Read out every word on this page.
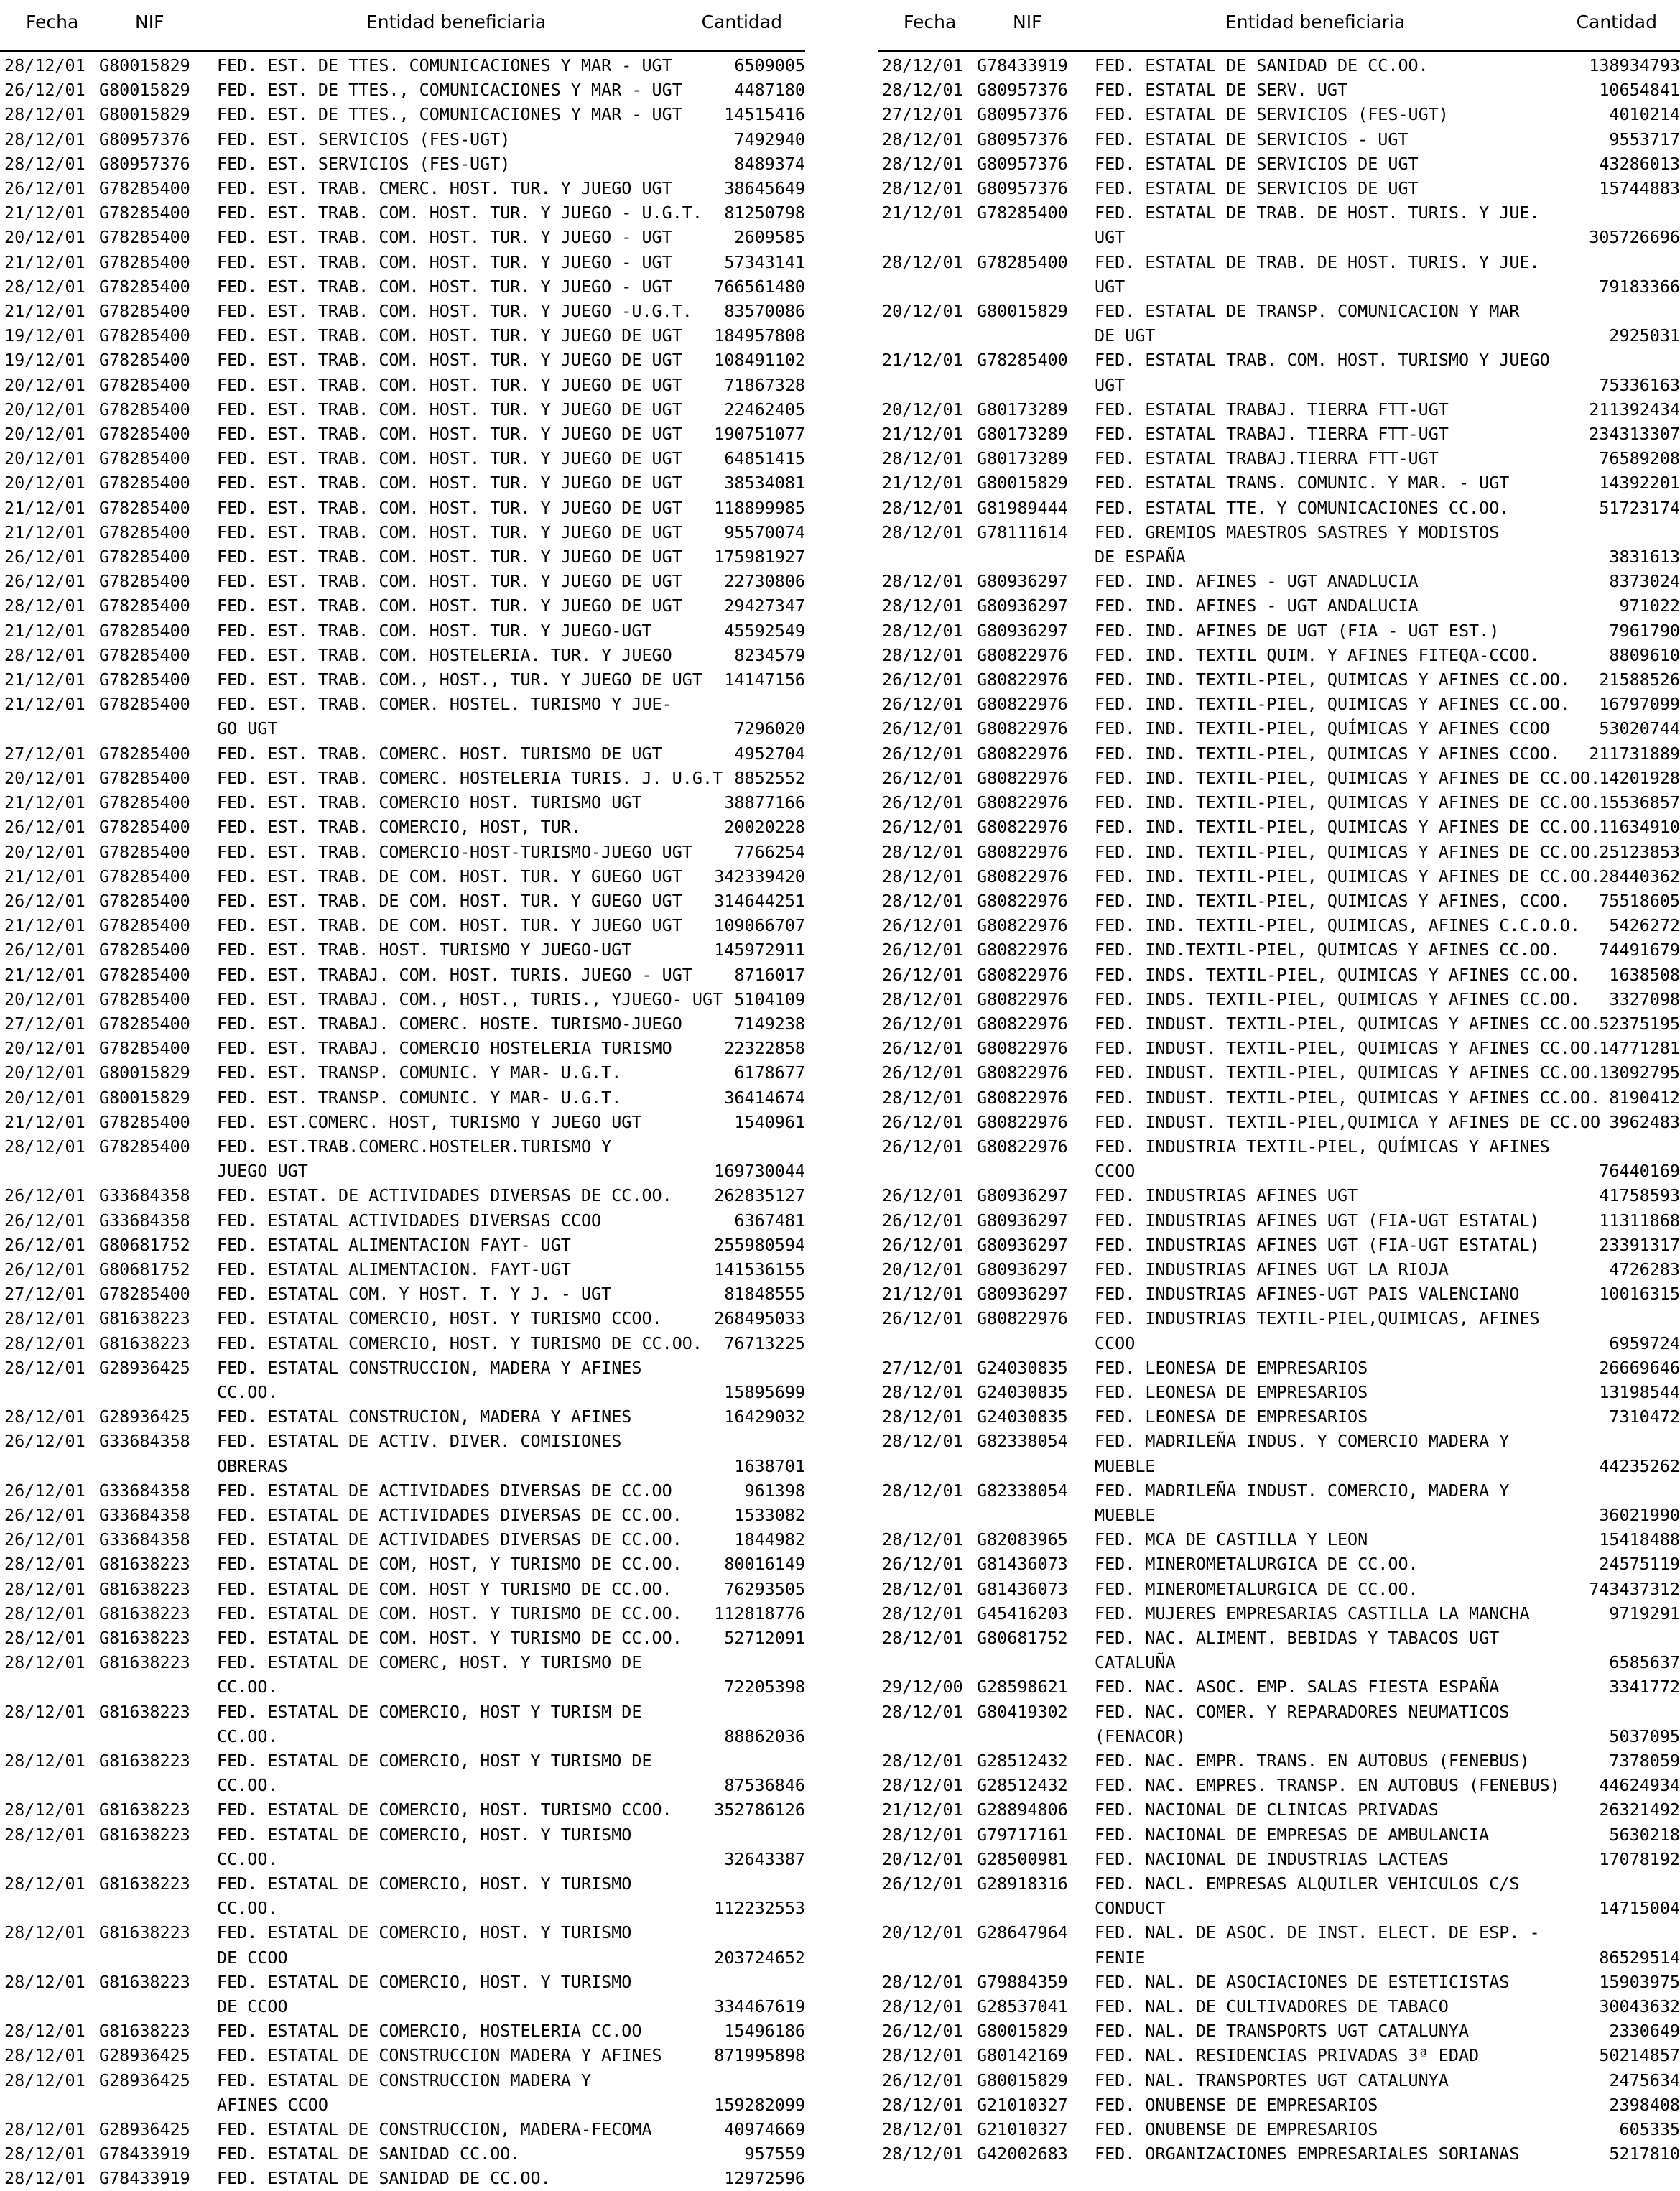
Fecha	NIF	Entidad beneficiaria	Cantidad
28/12/01 G80015829 FED. EST. DE TTES. COMUNICACIONES Y MAR - UGT	6509005
26/12/01 G80015829 FED. EST. DE TTES., COMUNICACIONES Y MAR - UGT	4487180
28/12/01 G80015829 FED. EST. DE TTES., COMUNICACIONES Y MAR - UGT	14515416
28/12/01 G80957376 FED. EST. SERVICIOS (FES-UGT)	7492940
28/12/01 G80957376 FED. EST. SERVICIOS (FES-UGT)	8489374
26/12/01 G78285400 FED. EST. TRAB. CMERC. HOST. TUR. Y JUEGO UGT	38645649
21/12/01 G78285400 FED. EST. TRAB. COM. HOST. TUR. Y JUEGO - U.G.T.	81250798
20/12/01 G78285400 FED. EST. TRAB. COM. HOST. TUR. Y JUEGO - UGT	2609585
21/12/01 G78285400 FED. EST. TRAB. COM. HOST. TUR. Y JUEGO - UGT	57343141
28/12/01 G78285400 FED. EST. TRAB. COM. HOST. TUR. Y JUEGO - UGT	766561480
21/12/01 G78285400 FED. EST. TRAB. COM. HOST. TUR. Y JUEGO -U.G.T.	83570086
19/12/01 G78285400 FED. EST. TRAB. COM. HOST. TUR. Y JUEGO DE UGT	184957808
19/12/01 G78285400 FED. EST. TRAB. COM. HOST. TUR. Y JUEGO DE UGT	108491102
20/12/01 G78285400 FED. EST. TRAB. COM. HOST. TUR. Y JUEGO DE UGT	71867328
20/12/01 G78285400 FED. EST. TRAB. COM. HOST. TUR. Y JUEGO DE UGT	22462405
20/12/01 G78285400 FED. EST. TRAB. COM. HOST. TUR. Y JUEGO DE UGT	190751077
20/12/01 G78285400 FED. EST. TRAB. COM. HOST. TUR. Y JUEGO DE UGT	64851415
20/12/01 G78285400 FED. EST. TRAB. COM. HOST. TUR. Y JUEGO DE UGT	38534081
21/12/01 G78285400 FED. EST. TRAB. COM. HOST. TUR. Y JUEGO DE UGT	118899985
21/12/01 G78285400 FED. EST. TRAB. COM. HOST. TUR. Y JUEGO DE UGT	95570074
26/12/01 G78285400 FED. EST. TRAB. COM. HOST. TUR. Y JUEGO DE UGT	175981927
26/12/01 G78285400 FED. EST. TRAB. COM. HOST. TUR. Y JUEGO DE UGT	22730806
28/12/01 G78285400 FED. EST. TRAB. COM. HOST. TUR. Y JUEGO DE UGT	29427347
21/12/01 G78285400 FED. EST. TRAB. COM. HOST. TUR. Y JUEGO-UGT	45592549
28/12/01 G78285400 FED. EST. TRAB. COM. HOSTELERIA. TUR. Y JUEGO	8234579
21/12/01 G78285400 FED. EST. TRAB. COM., HOST., TUR. Y JUEGO DE UGT	14147156
21/12/01 G78285400 FED. EST. TRAB. COMER. HOSTEL. TURISMO Y JUE-
GO UGT	7296020
27/12/01 G78285400 FED. EST. TRAB. COMERC. HOST. TURISMO DE UGT	4952704
20/12/01 G78285400 FED. EST. TRAB. COMERC. HOSTELERIA TURIS. J. U.G.T 8852552
21/12/01 G78285400 FED. EST. TRAB. COMERCIO HOST. TURISMO UGT	38877166
26/12/01 G78285400 FED. EST. TRAB. COMERCIO, HOST, TUR.	20020228
20/12/01 G78285400 FED. EST. TRAB. COMERCIO-HOST-TURISMO-JUEGO UGT	7766254
21/12/01 G78285400 FED. EST. TRAB. DE COM. HOST. TUR. Y GUEGO UGT	342339420
26/12/01 G78285400 FED. EST. TRAB. DE COM. HOST. TUR. Y GUEGO UGT	314644251
21/12/01 G78285400 FED. EST. TRAB. DE COM. HOST. TUR. Y JUEGO UGT	109066707
26/12/01 G78285400 FED. EST. TRAB. HOST. TURISMO Y JUEGO-UGT	145972911
21/12/01 G78285400 FED. EST. TRABAJ. COM. HOST. TURIS. JUEGO - UGT	8716017
20/12/01 G78285400 FED. EST. TRABAJ. COM., HOST., TURIS., YJUEGO- UGT 5104109
27/12/01 G78285400 FED. EST. TRABAJ. COMERC. HOSTE. TURISMO-JUEGO	7149238
20/12/01 G78285400 FED. EST. TRABAJ. COMERCIO HOSTELERIA TURISMO	22322858
20/12/01 G80015829 FED. EST. TRANSP. COMUNIC. Y MAR- U.G.T.	6178677
20/12/01 G80015829 FED. EST. TRANSP. COMUNIC. Y MAR- U.G.T.	36414674
21/12/01 G78285400 FED. EST.COMERC. HOST, TURISMO Y JUEGO UGT	1540961
28/12/01 G78285400 FED. EST.TRAB.COMERC.HOSTELER.TURISMO Y
JUEGO UGT	169730044
26/12/01 G33684358 FED. ESTAT. DE ACTIVIDADES DIVERSAS DE CC.OO.	262835127
26/12/01 G33684358 FED. ESTATAL ACTIVIDADES DIVERSAS CCOO	6367481
26/12/01 G80681752 FED. ESTATAL ALIMENTACION FAYT- UGT	255980594
26/12/01 G80681752 FED. ESTATAL ALIMENTACION. FAYT-UGT	141536155
27/12/01 G78285400 FED. ESTATAL COM. Y HOST. T. Y J. - UGT	81848555
28/12/01 G81638223 FED. ESTATAL COMERCIO, HOST. Y TURISMO CCOO.	268495033
28/12/01 G81638223 FED. ESTATAL COMERCIO, HOST. Y TURISMO DE CC.OO.	76713225
28/12/01 G28936425 FED. ESTATAL CONSTRUCCION, MADERA Y AFINES
CC.OO.	15895699
28/12/01 G28936425 FED. ESTATAL CONSTRUCION, MADERA Y AFINES	16429032
26/12/01 G33684358 FED. ESTATAL DE ACTIV. DIVER. COMISIONES
OBRERAS	1638701
26/12/01 G33684358 FED. ESTATAL DE ACTIVIDADES DIVERSAS DE CC.OO	961398
26/12/01 G33684358 FED. ESTATAL DE ACTIVIDADES DIVERSAS DE CC.OO.	1533082
26/12/01 G33684358 FED. ESTATAL DE ACTIVIDADES DIVERSAS DE CC.OO.	1844982
28/12/01 G81638223 FED. ESTATAL DE COM, HOST, Y TURISMO DE CC.OO.	80016149
28/12/01 G81638223 FED. ESTATAL DE COM. HOST Y TURISMO DE CC.OO.	76293505
28/12/01 G81638223 FED. ESTATAL DE COM. HOST. Y TURISMO DE CC.OO.	112818776
28/12/01 G81638223 FED. ESTATAL DE COM. HOST. Y TURISMO DE CC.OO.	52712091
28/12/01 G81638223 FED. ESTATAL DE COMERC, HOST. Y TURISMO DE
CC.OO.	72205398
28/12/01 G81638223 FED. ESTATAL DE COMERCIO, HOST Y TURISM DE
CC.OO.	88862036
28/12/01 G81638223 FED. ESTATAL DE COMERCIO, HOST Y TURISMO DE
CC.OO.	87536846
28/12/01 G81638223 FED. ESTATAL DE COMERCIO, HOST. TURISMO CCOO.	352786126
28/12/01 G81638223 FED. ESTATAL DE COMERCIO, HOST. Y TURISMO
CC.OO.	32643387
28/12/01 G81638223 FED. ESTATAL DE COMERCIO, HOST. Y TURISMO
CC.OO.	112232553
28/12/01 G81638223 FED. ESTATAL DE COMERCIO, HOST. Y TURISMO
DE CCOO	203724652
28/12/01 G81638223 FED. ESTATAL DE COMERCIO, HOST. Y TURISMO
DE CCOO	334467619
28/12/01 G81638223 FED. ESTATAL DE COMERCIO, HOSTELERIA CC.OO	15496186
28/12/01 G28936425 FED. ESTATAL DE CONSTRUCCION MADERA Y AFINES	871995898
28/12/01 G28936425 FED. ESTATAL DE CONSTRUCCION MADERA Y
AFINES CCOO	159282099
28/12/01 G28936425 FED. ESTATAL DE CONSTRUCCION, MADERA-FECOMA	40974669
28/12/01 G78433919 FED. ESTATAL DE SANIDAD CC.OO.	957559
28/12/01 G78433919 FED. ESTATAL DE SANIDAD DE CC.OO.	12972596
Fecha	NIF	Entidad beneficiaria	Cantidad
28/12/01 G78433919 FED. ESTATAL DE SANIDAD DE CC.OO.	138934793
28/12/01 G80957376 FED. ESTATAL DE SERV. UGT	10654841
27/12/01 G80957376 FED. ESTATAL DE SERVICIOS (FES-UGT)	4010214
28/12/01 G80957376 FED. ESTATAL DE SERVICIOS - UGT	9553717
28/12/01 G80957376 FED. ESTATAL DE SERVICIOS DE UGT	43286013
28/12/01 G80957376 FED. ESTATAL DE SERVICIOS DE UGT	15744883
21/12/01 G78285400 FED. ESTATAL DE TRAB. DE HOST. TURIS. Y JUE.
UGT	305726696
28/12/01 G78285400 FED. ESTATAL DE TRAB. DE HOST. TURIS. Y JUE.
UGT	79183366
20/12/01 G80015829 FED. ESTATAL DE TRANSP. COMUNICACION Y MAR
DE UGT	2925031
21/12/01 G78285400 FED. ESTATAL TRAB. COM. HOST. TURISMO Y JUEGO
UGT	75336163
20/12/01 G80173289 FED. ESTATAL TRABAJ. TIERRA FTT-UGT	211392434
21/12/01 G80173289 FED. ESTATAL TRABAJ. TIERRA FTT-UGT	234313307
28/12/01 G80173289 FED. ESTATAL TRABAJ.TIERRA FTT-UGT	76589208
21/12/01 G80015829 FED. ESTATAL TRANS. COMUNIC. Y MAR. - UGT	14392201
28/12/01 G81989444 FED. ESTATAL TTE. Y COMUNICACIONES CC.OO.	51723174
28/12/01 G78111614 FED. GREMIOS MAESTROS SASTRES Y MODISTOS
DE ESPAÑA	3831613
28/12/01 G80936297 FED. IND. AFINES - UGT ANADLUCIA	8373024
28/12/01 G80936297 FED. IND. AFINES - UGT ANDALUCIA	971022
28/12/01 G80936297 FED. IND. AFINES DE UGT (FIA - UGT EST.)	7961790
28/12/01 G80822976 FED. IND. TEXTIL QUIM. Y AFINES FITEQA-CCOO.	8809610
26/12/01 G80822976 FED. IND. TEXTIL-PIEL, QUIMICAS Y AFINES CC.OO.	21588526
26/12/01 G80822976 FED. IND. TEXTIL-PIEL, QUIMICAS Y AFINES CC.OO.	16797099
26/12/01 G80822976 FED. IND. TEXTIL-PIEL, QUÍMICAS Y AFINES CCOO	53020744
26/12/01 G80822976 FED. IND. TEXTIL-PIEL, QUIMICAS Y AFINES CCOO.	211731889
26/12/01 G80822976 FED. IND. TEXTIL-PIEL, QUIMICAS Y AFINES DE CC.OO.
14201928
26/12/01 G80822976 FED. IND. TEXTIL-PIEL, QUIMICAS Y AFINES DE CC.OO.
15536857
26/12/01 G80822976 FED. IND. TEXTIL-PIEL, QUIMICAS Y AFINES DE CC.OO.
11634910
28/12/01 G80822976 FED. IND. TEXTIL-PIEL, QUIMICAS Y AFINES DE CC.OO.
25123853
28/12/01 G80822976 FED. IND. TEXTIL-PIEL, QUIMICAS Y AFINES DE CC.OO.
28440362
28/12/01 G80822976 FED. IND. TEXTIL-PIEL, QUIMICAS Y AFINES, CCOO.	75518605
26/12/01 G80822976 FED. IND. TEXTIL-PIEL, QUIMICAS, AFINES C.C.O.O.	5426272
26/12/01 G80822976 FED. IND.TEXTIL-PIEL, QUIMICAS Y AFINES CC.OO.	74491679
26/12/01 G80822976 FED. INDS. TEXTIL-PIEL, QUIMICAS Y AFINES CC.OO.	1638508
28/12/01 G80822976 FED. INDS. TEXTIL-PIEL, QUIMICAS Y AFINES CC.OO.	3327098
26/12/01 G80822976 FED. INDUST. TEXTIL-PIEL, QUIMICAS Y AFINES CC.OO.
52375195
26/12/01 G80822976 FED. INDUST. TEXTIL-PIEL, QUIMICAS Y AFINES CC.OO.
14771281
26/12/01 G80822976 FED. INDUST. TEXTIL-PIEL, QUIMICAS Y AFINES CC.OO.
13092795
28/12/01 G80822976 FED. INDUST. TEXTIL-PIEL, QUIMICAS Y AFINES CC.OO. 8190412
26/12/01 G80822976 FED. INDUST. TEXTIL-PIEL,QUIMICA Y AFINES DE CC.OO 3962483
26/12/01 G80822976 FED. INDUSTRIA TEXTIL-PIEL, QUÍMICAS Y AFINES
CCOO	76440169
26/12/01 G80936297 FED. INDUSTRIAS AFINES UGT	41758593
26/12/01 G80936297 FED. INDUSTRIAS AFINES UGT (FIA-UGT ESTATAL)	11311868
26/12/01 G80936297 FED. INDUSTRIAS AFINES UGT (FIA-UGT ESTATAL)	23391317
20/12/01 G80936297 FED. INDUSTRIAS AFINES UGT LA RIOJA	4726283
21/12/01 G80936297 FED. INDUSTRIAS AFINES-UGT PAIS VALENCIANO	10016315
26/12/01 G80822976 FED. INDUSTRIAS TEXTIL-PIEL,QUIMICAS, AFINES
CCOO	6959724
27/12/01 G24030835 FED. LEONESA DE EMPRESARIOS	26669646
28/12/01 G24030835 FED. LEONESA DE EMPRESARIOS	13198544
28/12/01 G24030835 FED. LEONESA DE EMPRESARIOS	7310472
28/12/01 G82338054 FED. MADRILEÑA INDUS. Y COMERCIO MADERA Y
MUEBLE	44235262
28/12/01 G82338054 FED. MADRILEÑA INDUST. COMERCIO, MADERA Y
MUEBLE	36021990
28/12/01 G82083965 FED. MCA DE CASTILLA Y LEON	15418488
26/12/01 G81436073 FED. MINEROMETALURGICA DE CC.OO.	24575119
28/12/01 G81436073 FED. MINEROMETALURGICA DE CC.OO.	743437312
28/12/01 G45416203 FED. MUJERES EMPRESARIAS CASTILLA LA MANCHA	9719291
28/12/01 G80681752 FED. NAC. ALIMENT. BEBIDAS Y TABACOS UGT
CATALUÑA	6585637
29/12/00 G28598621 FED. NAC. ASOC. EMP. SALAS FIESTA ESPAÑA	3341772
28/12/01 G80419302 FED. NAC. COMER. Y REPARADORES NEUMATICOS
(FENACOR)	5037095
28/12/01 G28512432 FED. NAC. EMPR. TRANS. EN AUTOBUS (FENEBUS)	7378059
28/12/01 G28512432 FED. NAC. EMPRES. TRANSP. EN AUTOBUS (FENEBUS)	44624934
21/12/01 G28894806 FED. NACIONAL DE CLINICAS PRIVADAS	26321492
28/12/01 G79717161 FED. NACIONAL DE EMPRESAS DE AMBULANCIA	5630218
20/12/01 G28500981 FED. NACIONAL DE INDUSTRIAS LACTEAS	17078192
26/12/01 G28918316 FED. NACL. EMPRESAS ALQUILER VEHICULOS C/S
CONDUCT	14715004
20/12/01 G28647964 FED. NAL. DE ASOC. DE INST. ELECT. DE ESP. -
FENIE	86529514
28/12/01 G79884359 FED. NAL. DE ASOCIACIONES DE ESTETICISTAS	15903975
28/12/01 G28537041 FED. NAL. DE CULTIVADORES DE TABACO	30043632
26/12/01 G80015829 FED. NAL. DE TRANSPORTS UGT CATALUNYA	2330649
28/12/01 G80142169 FED. NAL. RESIDENCIAS PRIVADAS 3ª EDAD	50214857
26/12/01 G80015829 FED. NAL. TRANSPORTES UGT CATALUNYA	2475634
28/12/01 G21010327 FED. ONUBENSE DE EMPRESARIOS	2398408
28/12/01 G21010327 FED. ONUBENSE DE EMPRESARIOS	605335
28/12/01 G42002683 FED. ORGANIZACIONES EMPRESARIALES SORIANAS	5217810
